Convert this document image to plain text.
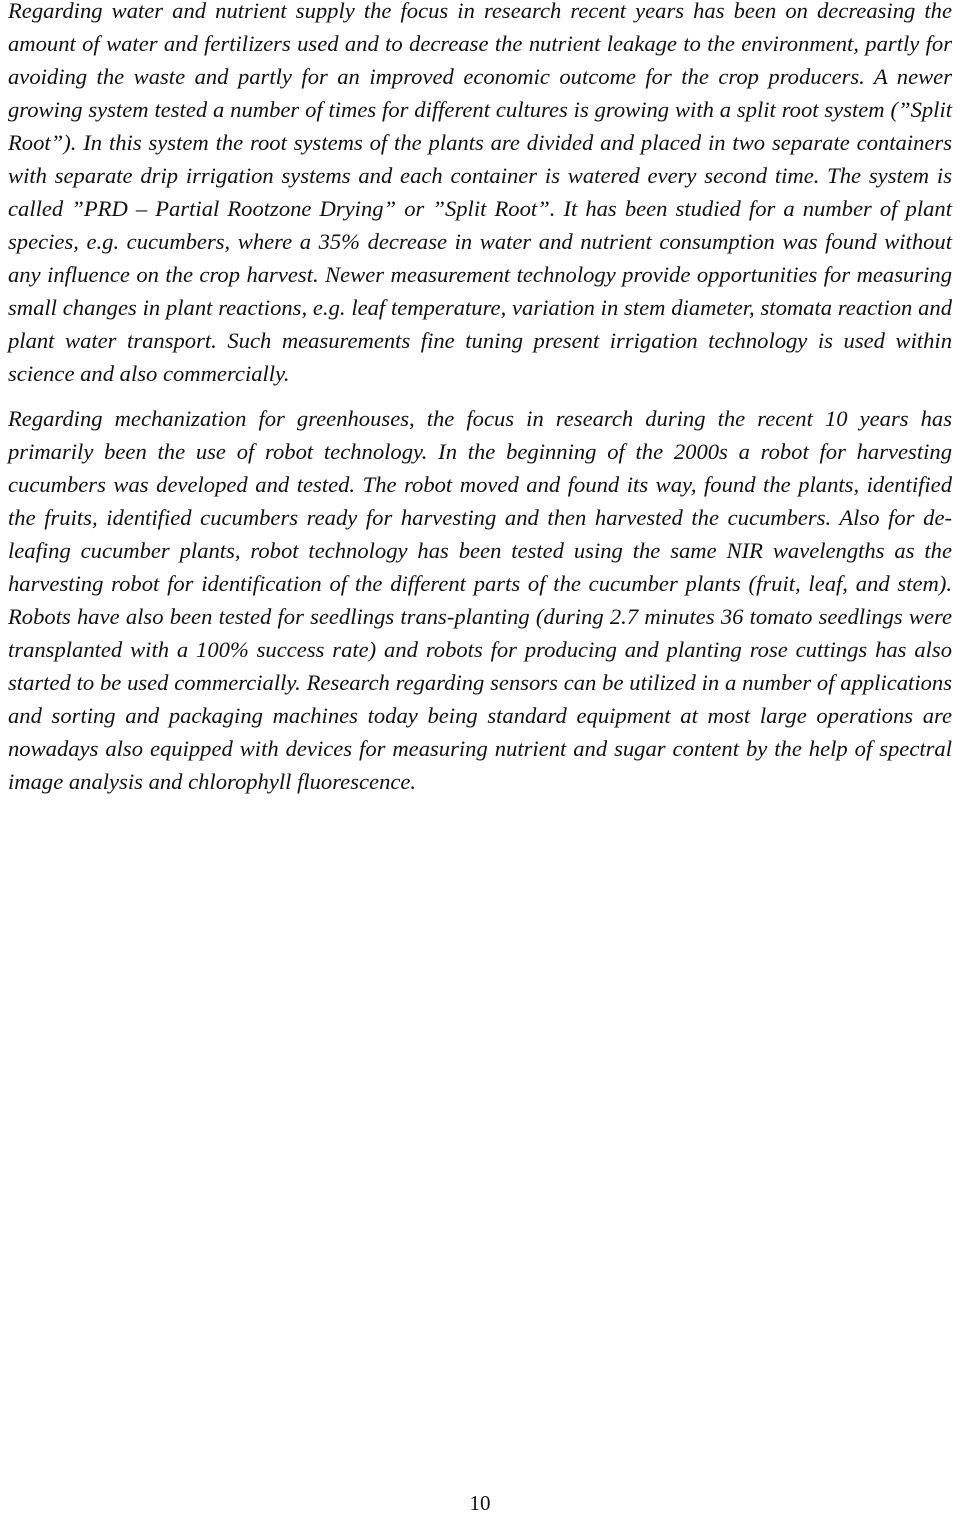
Regarding water and nutrient supply the focus in research recent years has been on decreasing the amount of water and fertilizers used and to decrease the nutrient leakage to the environment, partly for avoiding the waste and partly for an improved economic outcome for the crop producers. A newer growing system tested a number of times for different cultures is growing with a split root system (”Split Root”). In this system the root systems of the plants are divided and placed in two separate containers with separate drip irrigation systems and each container is watered every second time. The system is called ”PRD – Partial Rootzone Drying” or ”Split Root”. It has been studied for a number of plant species, e.g. cucumbers, where a 35% decrease in water and nutrient consumption was found without any influence on the crop harvest. Newer measurement technology provide opportunities for measuring small changes in plant reactions, e.g. leaf temperature, variation in stem diameter, stomata reaction and plant water transport. Such measurements fine tuning present irrigation technology is used within science and also commercially.

Regarding mechanization for greenhouses, the focus in research during the recent 10 years has primarily been the use of robot technology. In the beginning of the 2000s a robot for harvesting cucumbers was developed and tested. The robot moved and found its way, found the plants, identified the fruits, identified cucumbers ready for harvesting and then harvested the cucumbers. Also for de-leafing cucumber plants, robot technology has been tested using the same NIR wavelengths as the harvesting robot for identification of the different parts of the cucumber plants (fruit, leaf, and stem). Robots have also been tested for seedlings trans-planting (during 2.7 minutes 36 tomato seedlings were transplanted with a 100% success rate) and robots for producing and planting rose cuttings has also started to be used commercially. Research regarding sensors can be utilized in a number of applications and sorting and packaging machines today being standard equipment at most large operations are nowadays also equipped with devices for measuring nutrient and sugar content by the help of spectral image analysis and chlorophyll fluorescence.

10
